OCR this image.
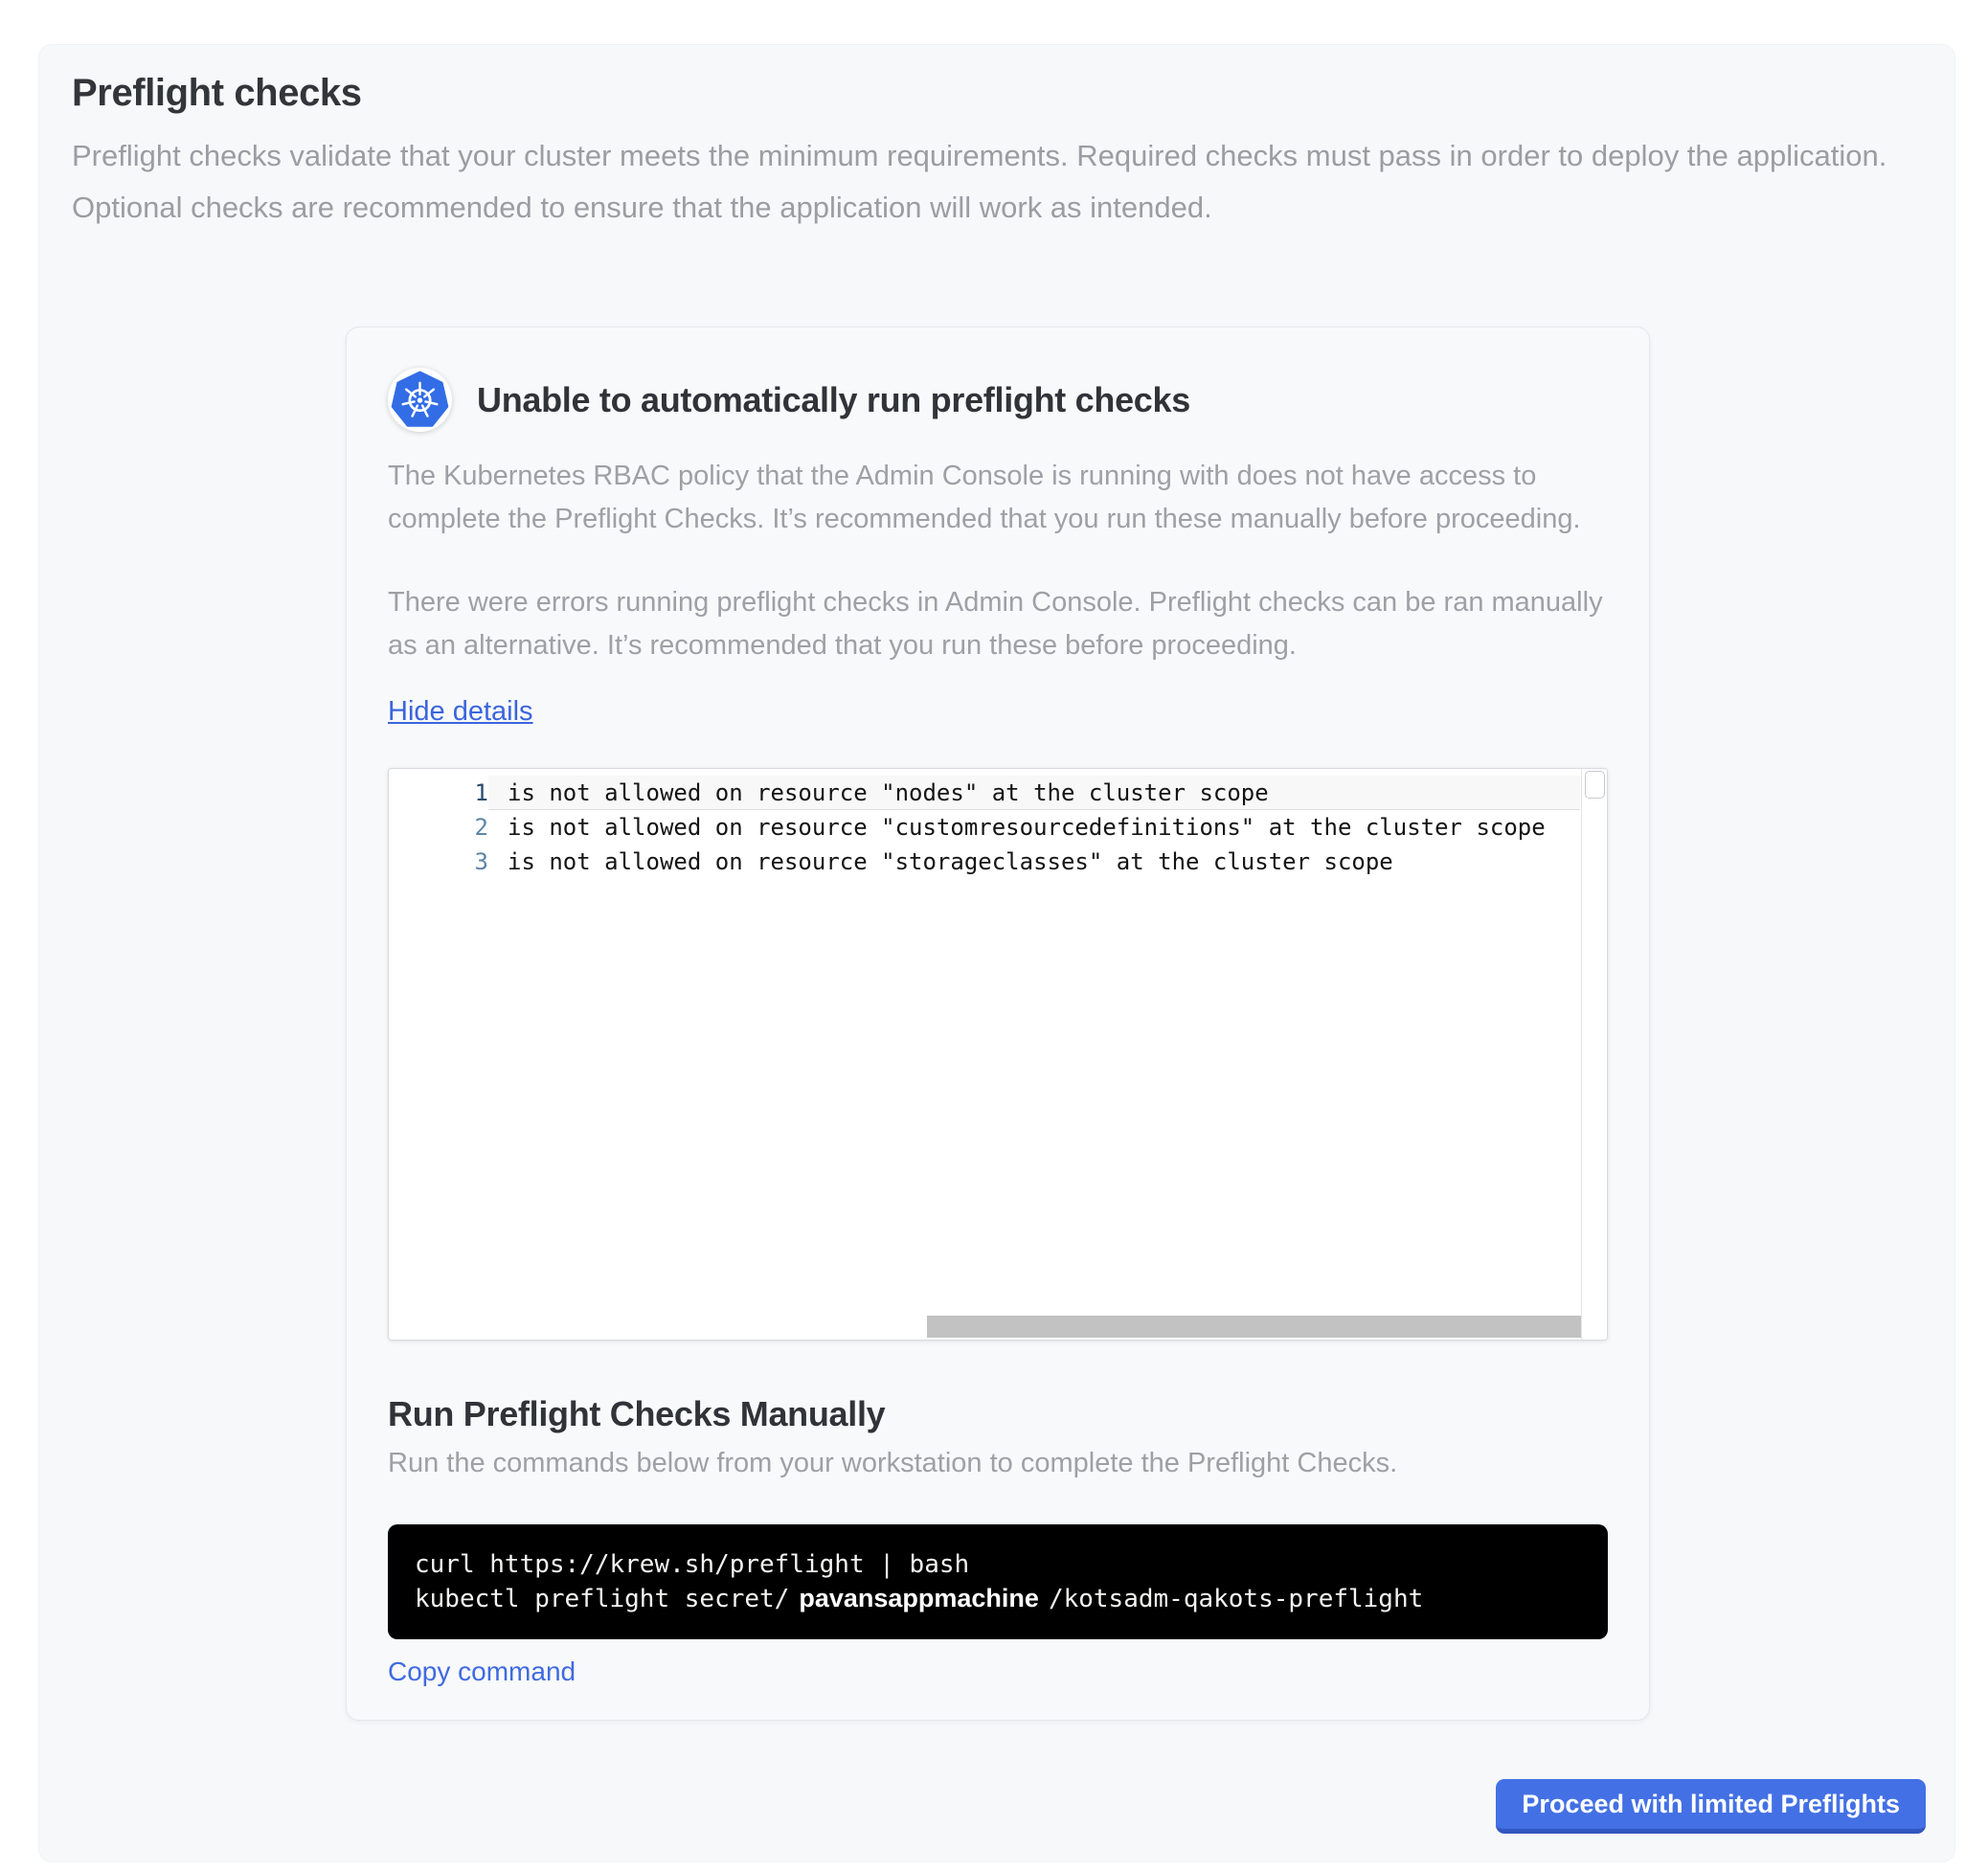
Preflight checks

Preflight checks validate that your cluster meets the minimum requirements. Required checks must pass in order to deploy the application. Optional checks are recommended to ensure that the application will work as intended.

Unable to automatically run preflight checks

The Kubernetes RBAC policy that the Admin Console is running with does not have access to complete the Preflight Checks. It’s recommended that you run these manually before proceeding.

There were errors running preflight checks in Admin Console. Preflight checks can be ran manually as an alternative. It’s recommended that you run these before proceeding.

Hide details
1 is not allowed on resource "nodes" at the cluster scope
2 is not allowed on resource "customresourcedefinitions" at the cluster scope
3 is not allowed on resource "storageclasses" at the cluster scope
Run Preflight Checks Manually

Run the commands below from your workstation to complete the Preflight Checks.

curl https://krew.sh/preflight | bash
kubectl preflight secret/ pavansappmachine /kotsadm-qakots-preflight
Copy command
Proceed with limited Preflights
